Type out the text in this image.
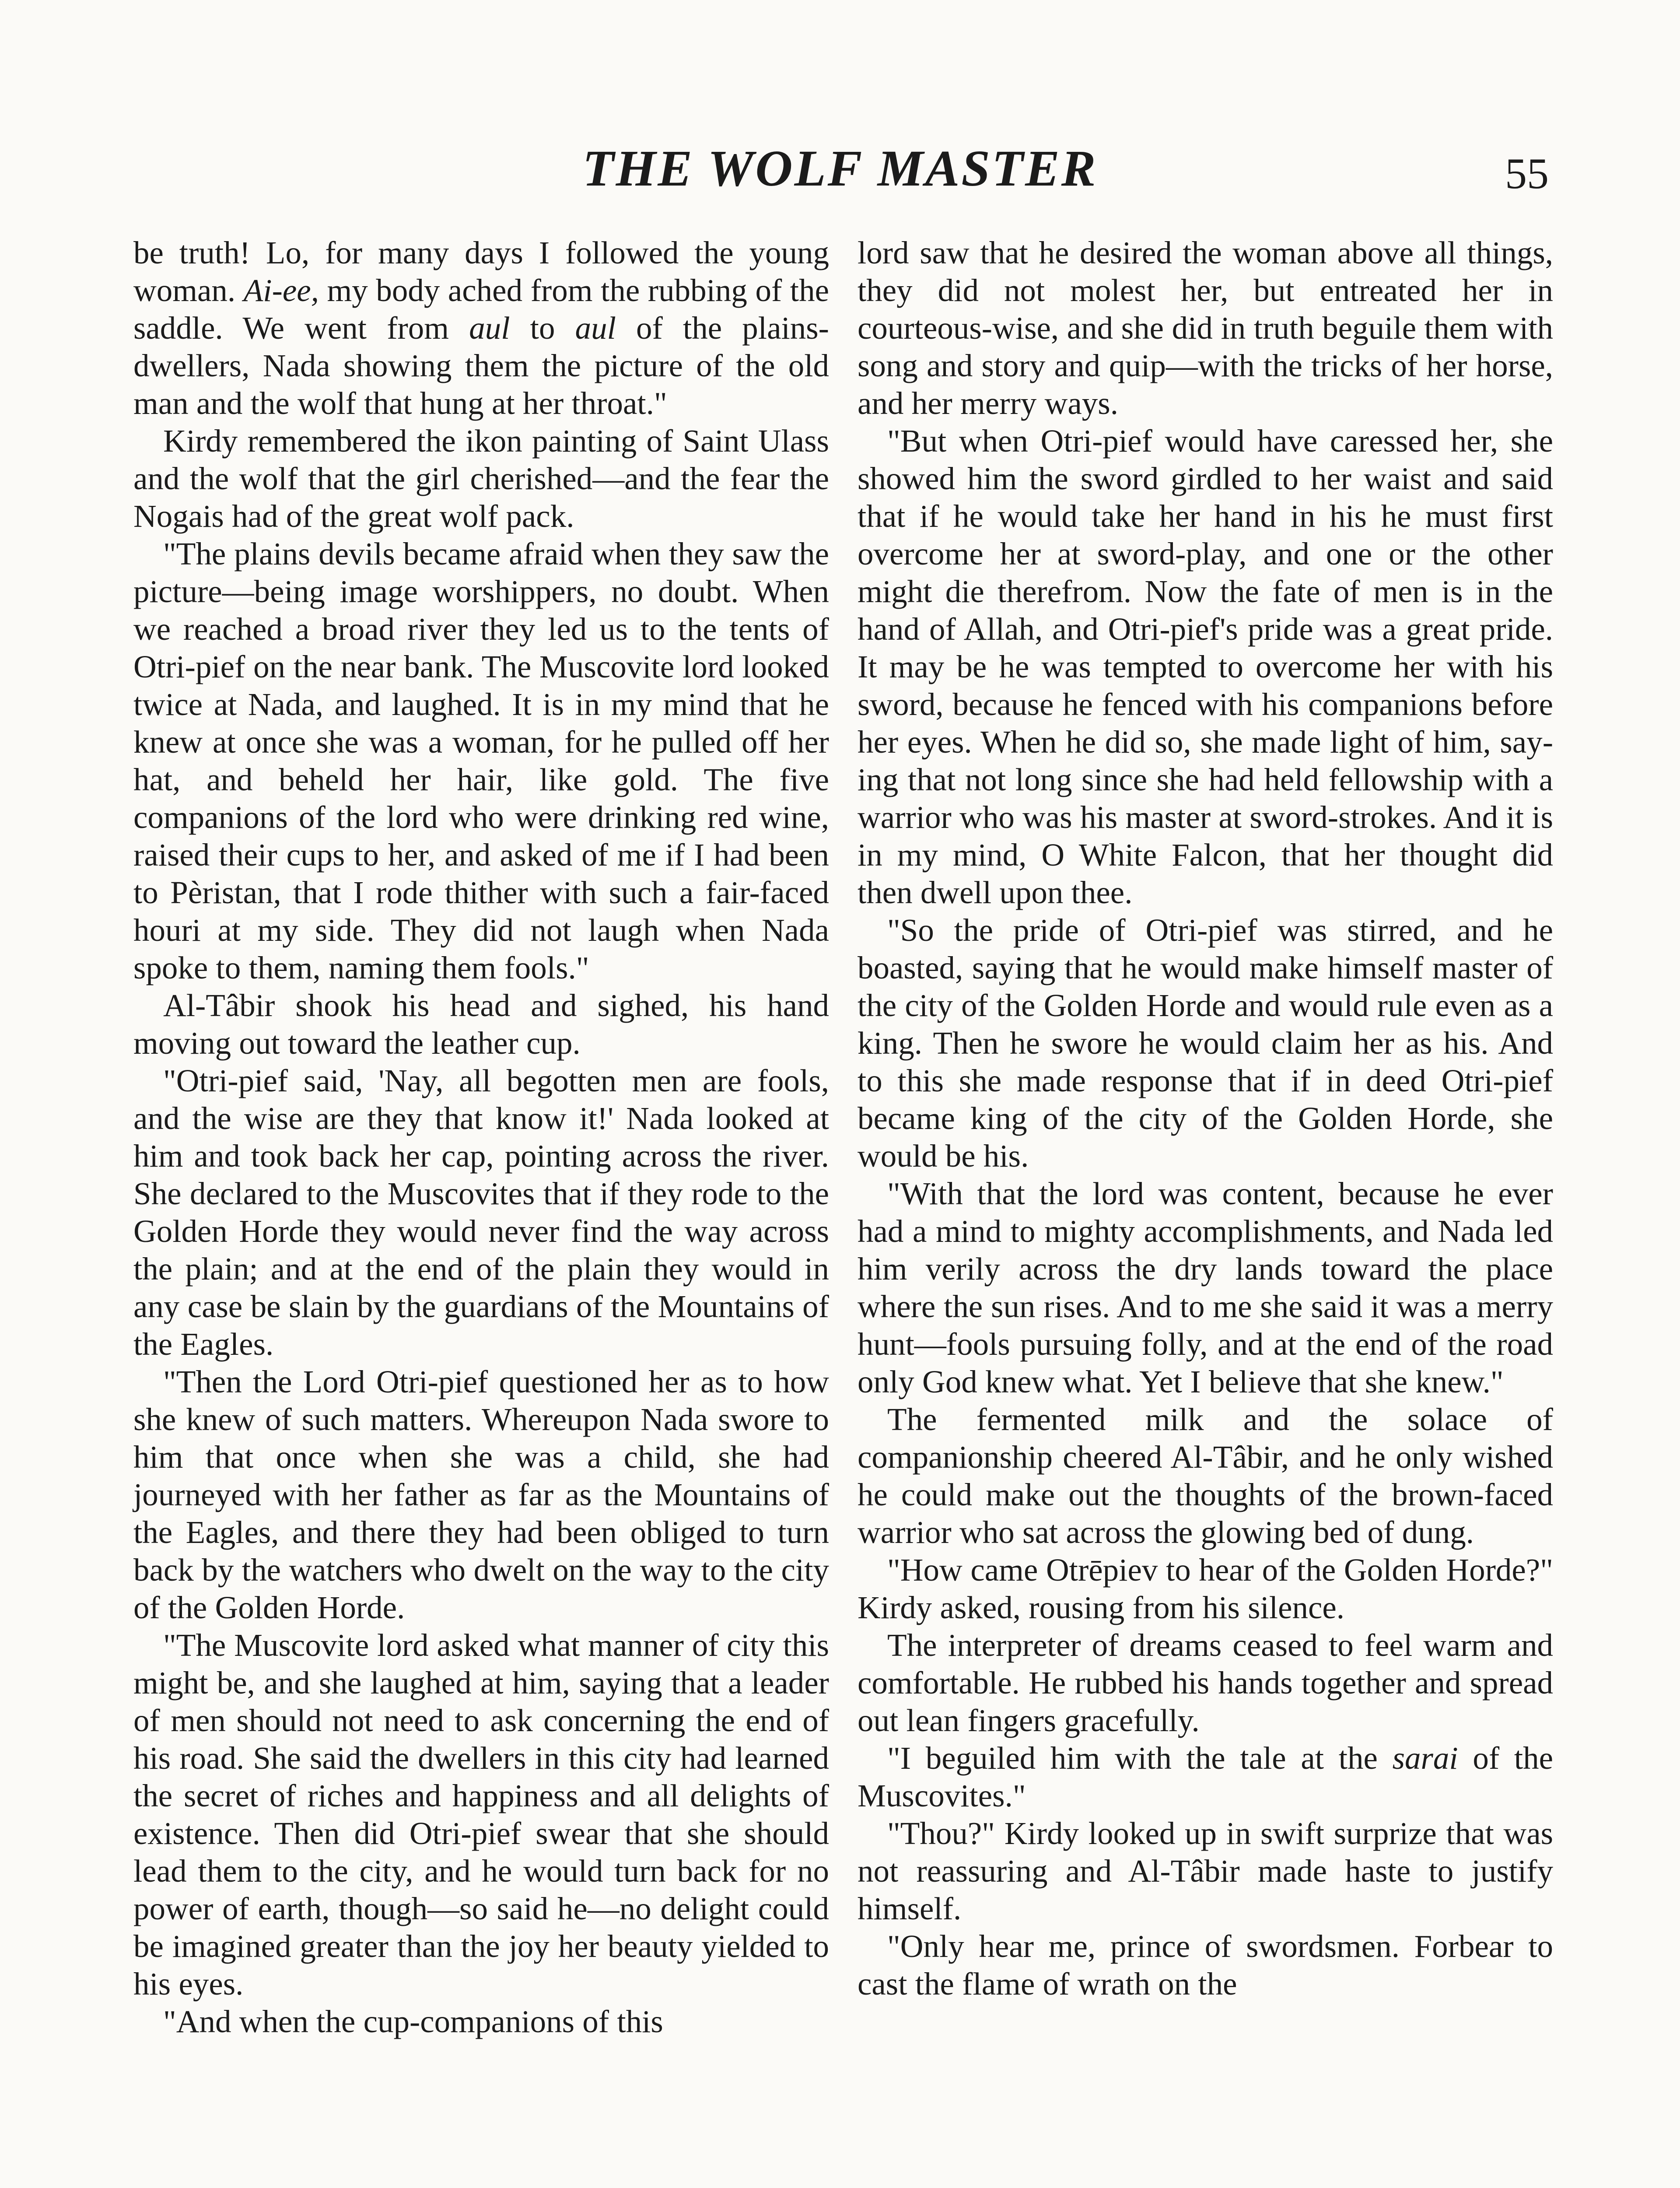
THE WOLF MASTER	55

be truth! Lo, for many days I followed the young woman. Ai-ee, my body ached from the rubbing of the saddle. We went from aul to aul of the plains-dwellers, Nada showing them the picture of the old man and the wolf that hung at her throat."

Kirdy remembered the ikon painting of Saint Ulass and the wolf that the girl cherished—and the fear the Nogais had of the great wolf pack.

"The plains devils became afraid when they saw the picture—being image worshippers, no doubt. When we reached a broad river they led us to the tents of Otri-pief on the near bank. The Muscovite lord looked twice at Nada, and laughed. It is in my mind that he knew at once she was a woman, for he pulled off her hat, and beheld her hair, like gold. The five companions of the lord who were drinking red wine, raised their cups to her, and asked of me if I had been to Pèristan, that I rode thither with such a fair-faced houri at my side. They did not laugh when Nada spoke to them, naming them fools."

Al-Tâbir shook his head and sighed, his hand moving out toward the leather cup.

"Otri-pief said, 'Nay, all begotten men are fools, and the wise are they that know it!' Nada looked at him and took back her cap, pointing across the river. She declared to the Muscovites that if they rode to the Golden Horde they would never find the way across the plain; and at the end of the plain they would in any case be slain by the guardians of the Mountains of the Eagles.

"Then the Lord Otri-pief questioned her as to how she knew of such matters. Whereupon Nada swore to him that once when she was a child, she had journeyed with her father as far as the Mountains of the Eagles, and there they had been obliged to turn back by the watchers who dwelt on the way to the city of the Golden Horde.

"The Muscovite lord asked what manner of city this might be, and she laughed at him, saying that a leader of men should not need to ask concerning the end of his road. She said the dwellers in this city had learned the secret of riches and happiness and all delights of existence. Then did Otri-pief swear that she should lead them to the city, and he would turn back for no power of earth, though—so said he—no delight could be imagined greater than the joy her beauty yielded to his eyes.

"And when the cup-companions of this

lord saw that he desired the woman above all things, they did not molest her, but entreated her in courteous-wise, and she did in truth beguile them with song and story and quip—with the tricks of her horse, and her merry ways.

"But when Otri-pief would have caressed her, she showed him the sword girdled to her waist and said that if he would take her hand in his he must first overcome her at sword-play, and one or the other might die therefrom. Now the fate of men is in the hand of Allah, and Otri-pief's pride was a great pride. It may be he was tempted to overcome her with his sword, because he fenced with his companions before her eyes. When he did so, she made light of him, saying that not long since she had held fellowship with a warrior who was his master at sword-strokes. And it is in my mind, O White Falcon, that her thought did then dwell upon thee.

"So the pride of Otri-pief was stirred, and he boasted, saying that he would make himself master of the city of the Golden Horde and would rule even as a king. Then he swore he would claim her as his. And to this she made response that if in deed Otri-pief became king of the city of the Golden Horde, she would be his.

"With that the lord was content, because he ever had a mind to mighty accomplishments, and Nada led him verily across the dry lands toward the place where the sun rises. And to me she said it was a merry hunt—fools pursuing folly, and at the end of the road only God knew what. Yet I believe that she knew."

The fermented milk and the solace of companionship cheered Al-Tâbir, and he only wished he could make out the thoughts of the brown-faced warrior who sat across the glowing bed of dung.

"How came Otrēpiev to hear of the Golden Horde?" Kirdy asked, rousing from his silence.

The interpreter of dreams ceased to feel warm and comfortable. He rubbed his hands together and spread out lean fingers gracefully.

"I beguiled him with the tale at the sarai of the Muscovites."

"Thou?" Kirdy looked up in swift surprize that was not reassuring and Al-Tâbir made haste to justify himself.

"Only hear me, prince of swordsmen. Forbear to cast the flame of wrath on the
